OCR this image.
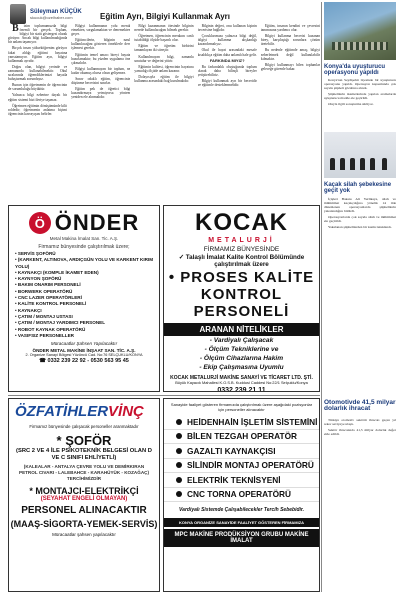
Süleyman KÜÇÜK
skucuk@ozelhaber.com	Eğitim Ayrı, Bilgiyi Kullanmak Ayrı

B izim toplumumuzda bilgi önemli bir gerçek. Toplum, bilgiyi bir statü göstergesi olarak görüyor. Ancak bilgi kullanılmadığında bir anlam taşımıyor.

Birçok insan yükseköğrenim görüyor fakat aldığı eğitimi hayatına yansıtamıyor. Eğitim ayrı, bilgiyi kullanmak ayrıdır.

Doğru olan, bilgiyi yerinde ve zamanında kullanabilmektir. Okul sıralarında öğrendiklerimizi hayatla buluşturmak zorundayız.

Bunun için öğretmenin de öğrencinin de sorumluluğu büyüktür.

Yalnızca bilgi ezberine dayalı bir eğitim sistemi bizi ileriye taşımaz.

Öğretmen eğitimin dönüşümünde kilit roldedir; öğretmenin anlatma biçimi öğrencinin kavrayışını belirler.

Bilgiyi kullanmanın yolu merak etmekten, sorgulamaktan ve denemekten geçer.

Eğitimcilerin, bilginin nasıl kullanılacağını gösteren örneklerle ders işlemesi gerekir.

Eğitimin temel amacı bireyi hayata hazırlamaktır; bu yüzden uygulama öne çıkmalıdır.

Bilgiyi kullanmayan bir toplum, ne kadar okumuş olursa olsun gelişemez.

Sınav odaklı eğitim, öğrencinin düşünme becerisini sınırlar.

Eğitim pek de öğretici bilgi kazandırmaya yetmiyorsa yöntem yeniden ele alınmalıdır.

Bilgi kazanmanın ötesinde bilginin nerede kullanılacağını bilmek gerekir.

Öğretmen, öğrencinin merakını canlı tutabildiği ölçüde başarılı olur.

Eğitim ve öğretim birbirini tamamlayan iki süreçtir.

Kullanılmayan bilgi, zamanla unutulur ve değerini yitirir.

Eğitimin kalitesi, öğrencinin hayatına yansıdığı ölçüde anlam kazanır.

Dolayısıyla eğitim ile bilgiyi kullanma arasındaki bağ kurulmalıdır.

Bilginin değeri, onu kullanan kişinin becerisine bağlıdır.

Çocuklarımıza yalnızca bilgi değil, bilgiyi kullanma alışkanlığı kazandırmalıyız.

Okul ile hayat arasındaki mesafe kısaldıkça eğitim daha anlamlı hale gelir.

FARKINDA MIYIZ?

Bu farkındalık oluştuğunda toplum olarak daha bilinçli bireyler yetiştirebiliriz.

Bilgiyi kullanmak ayrı bir beceridir ve eğitimle desteklenmelidir.

Eğitim, insanın kendini ve çevresini tanımasına yardımcı olur.

Bilgiyi kullanma becerisi kazanan birey, karşılaştığı sorunlara çözüm üretebilir.

Bu nedenle eğitimde amaç, bilgiyi ezberletmek değil kullanılabilir kılmaktır.

Bilgiyi kullanmayı bilen toplumlar geleceğe güvenle bakar.	Konya'da uyuşturucu operasyonu yapıldı

Konya'nın Seydişehir ilçesinde bir uyuşturucu operasyonu yapıldı. Operasyon kapsamında çok sayıda şüpheli gözaltına alındı.

Şüphelilerin ikametlerinde yapılan aramalarda uyuşturucu madde ele geçirildi.

Olayla ilgili soruşturma sürüyor.

Kaçak silah şebekesine geçit yok

İçişleri Bakanı Ali Yerlikaya, silah ve mühimmat kaçakçılığına yönelik 14 ilde düzenlenen operasyonlarda şüphelilerin yakalandığını bildirdi.

Operasyonlarda çok sayıda silah ve mühimmat ele geçirildi.

Yakalanan şüphelilerden bir kısmı tutuklandı.

Otomotivde 41,5 milyar dolarlık ihracat

Türkiye otomotiv sektörü ihracatı geçen yıl rekor seviyeye ulaştı.

Sektör ihracatında 41,5 milyar dolarlık değer elde edildi.

Ö ÖNDER
Metal Makina İmalat San. Tic. A.Ş.
Firmamız bünyesinde çalıştırılmak üzere;
• SERVİS ŞOFÖRÜ
• (KARKENT, ALTINOVA, ARDIÇGÜN YOLU VE KARKENT KIRIM YOLU)
• KAYNAKÇI (KOMPLE İKAMET EDEN)
• KAYNYON ŞOFÖRÜ
• BAKIM ONARIM PERSONELİ
• BORWERK OPERATÖRÜ
• CNC LAZER OPERATÖRLERİ
• KALİTE KONTROL PERSONELİ
• KAYNAKÇI
• ÇATIM / MONTAJ USTASI
• ÇATIM / MONTAJ YARDIMCI PERSONEL
• ROBOT KAYNAK OPERATÖRÜ
• VASIFSIZ PERSONELLER
Müracaatlar Şahsen Yapılacaktır
ÖNDER METAL MAKİNE İNŞAAT SAN. TİC. A.Ş.
2. Organize Sanayi Bölgesi Yüzüncü Cad. No:76 SELÇUKLU/KONYA
☎ 0332 239 22 92 - 0530 563 95 45
KOCAK
METALURJİ
FİRMAMIZ BÜNYESİNDE
✓ Talaşlı İmalat Kalite Kontrol Bölümünde çalıştırılmak üzere
• PROSES KALİTE
KONTROL
PERSONELİ
ARANAN NİTELİKLER
- Vardiyalı Çalışacak
- Ölçüm Tekniklerine ve
- Ölçüm Cihazlarına Hakim
- Ekip Çalışmasına Uyumlu
KOCAK METALURJİ MAKİNE SANAYİ VE TİCARET LTD. ŞTİ.
Büyük Kayacık Mahallesi K.O.S.B. Kuddusi Caddesi No:22/1 Selçuklu/Konya
0332 239 21 11
ÖZFATİHLERVİNÇ
Firmamız bünyesinde çalışacak personeller aranmaktadır
* ŞOFÖR
(SRC 2 VE 4 İLE PSİKOTEKNİK BELGESİ OLAN D VE C SINIFI EHLİYETLİ)
(KALEALAR - ANTALYA ÇEVRE YOLU VE DEMİRKIRAN PETROL CIVARI - LALEBAHCE - KARAHÜYÜK - KOZAĞAÇ) TERCİHİMİZDİR
* MONTAJCI-ELEKTRİKÇİ
(SEYAHAT ENGELİ OLMAYAN)
PERSONEL ALINACAKTIR
(MAAŞ-SİGORTA-YEMEK-SERVİS)
Müracaatlar şahsen yapılacaktır
Sanayide faaliyet gösteren firmamızda çalıştırılmak üzere aşağıdaki pozisyonlar için personeller alınacaktır
HEİDENHAİN İŞLETİM SİSTEMİNİ
BİLEN TEZGAH OPERATÖR
GAZALTI KAYNAKÇISI
SİLİNDİR MONTAJ OPERATÖRÜ
ELEKTRİK TEKNİSYENİ
CNC TORNA OPERATÖRÜ
Vardiyalı Sistemde Çalışabilecekler Tercih Sebebidir.
KONYA ORGANİZE SANAYİDE FAALİYET GÖSTEREN FİRMAMIZA
MPC MAKİNE PRODÜKSİYON GRUBU MAKİNE İMALAT
